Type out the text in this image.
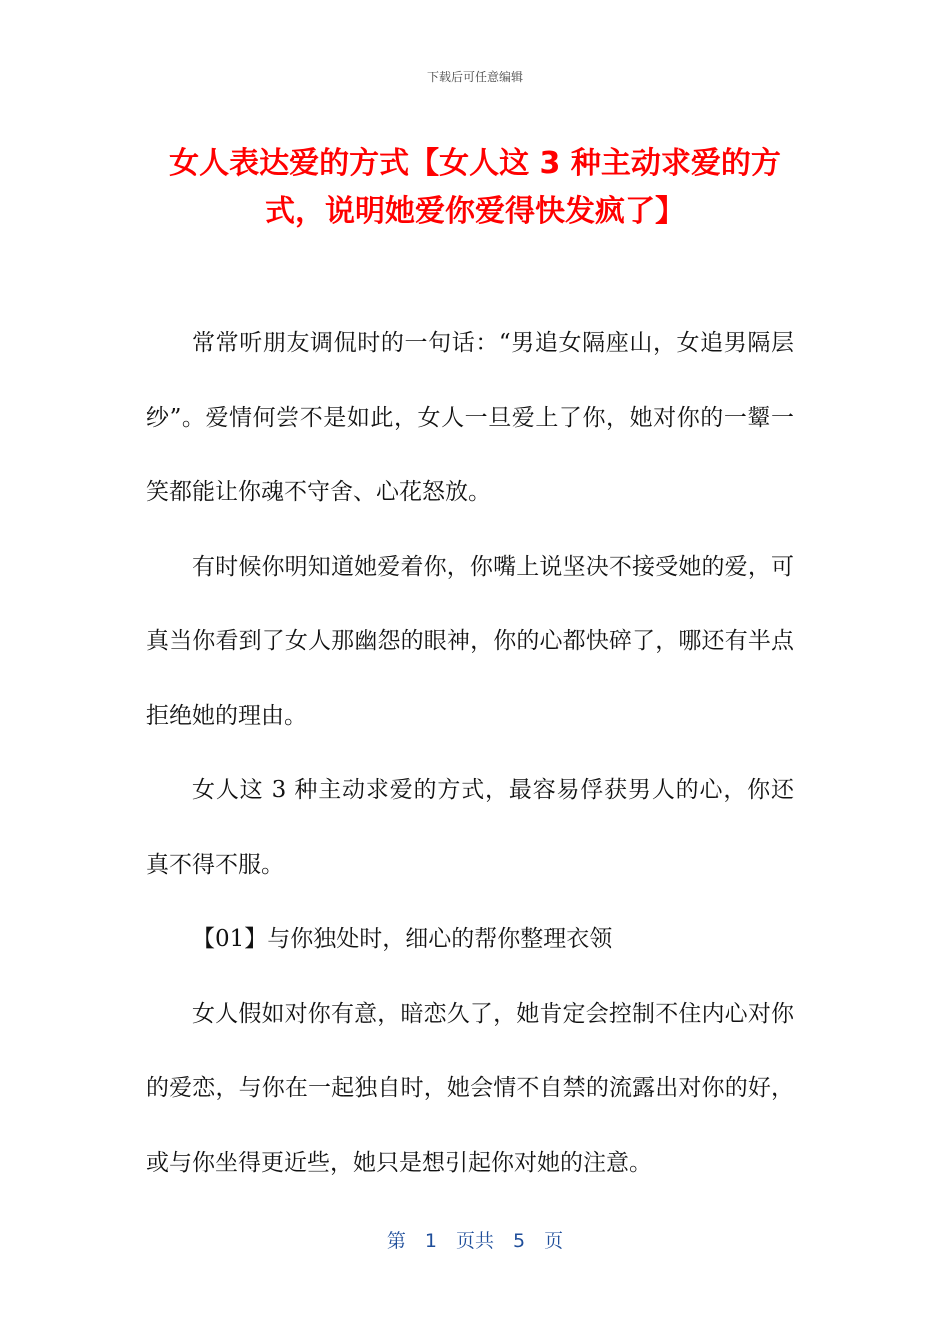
下载后可任意编辑
女人表达爱的方式【女人这 3 种主动求爱的方式，说明她爱你爱得快发疯了】

常常听朋友调侃时的一句话：“男追女隔座山，女追男隔层纱”。爱情何尝不是如此，女人一旦爱上了你，她对你的一颦一笑都能让你魂不守舍、心花怒放。

有时候你明知道她爱着你，你嘴上说坚决不接受她的爱，可真当你看到了女人那幽怨的眼神，你的心都快碎了，哪还有半点拒绝她的理由。

女人这 3 种主动求爱的方式，最容易俘获男人的心，你还真不得不服。

【01】与你独处时，细心的帮你整理衣领

女人假如对你有意，暗恋久了，她肯定会控制不住内心对你的爱恋，与你在一起独自时，她会情不自禁的流露出对你的好，或与你坐得更近些，她只是想引起你对她的注意。

第　1　页共　5　页
